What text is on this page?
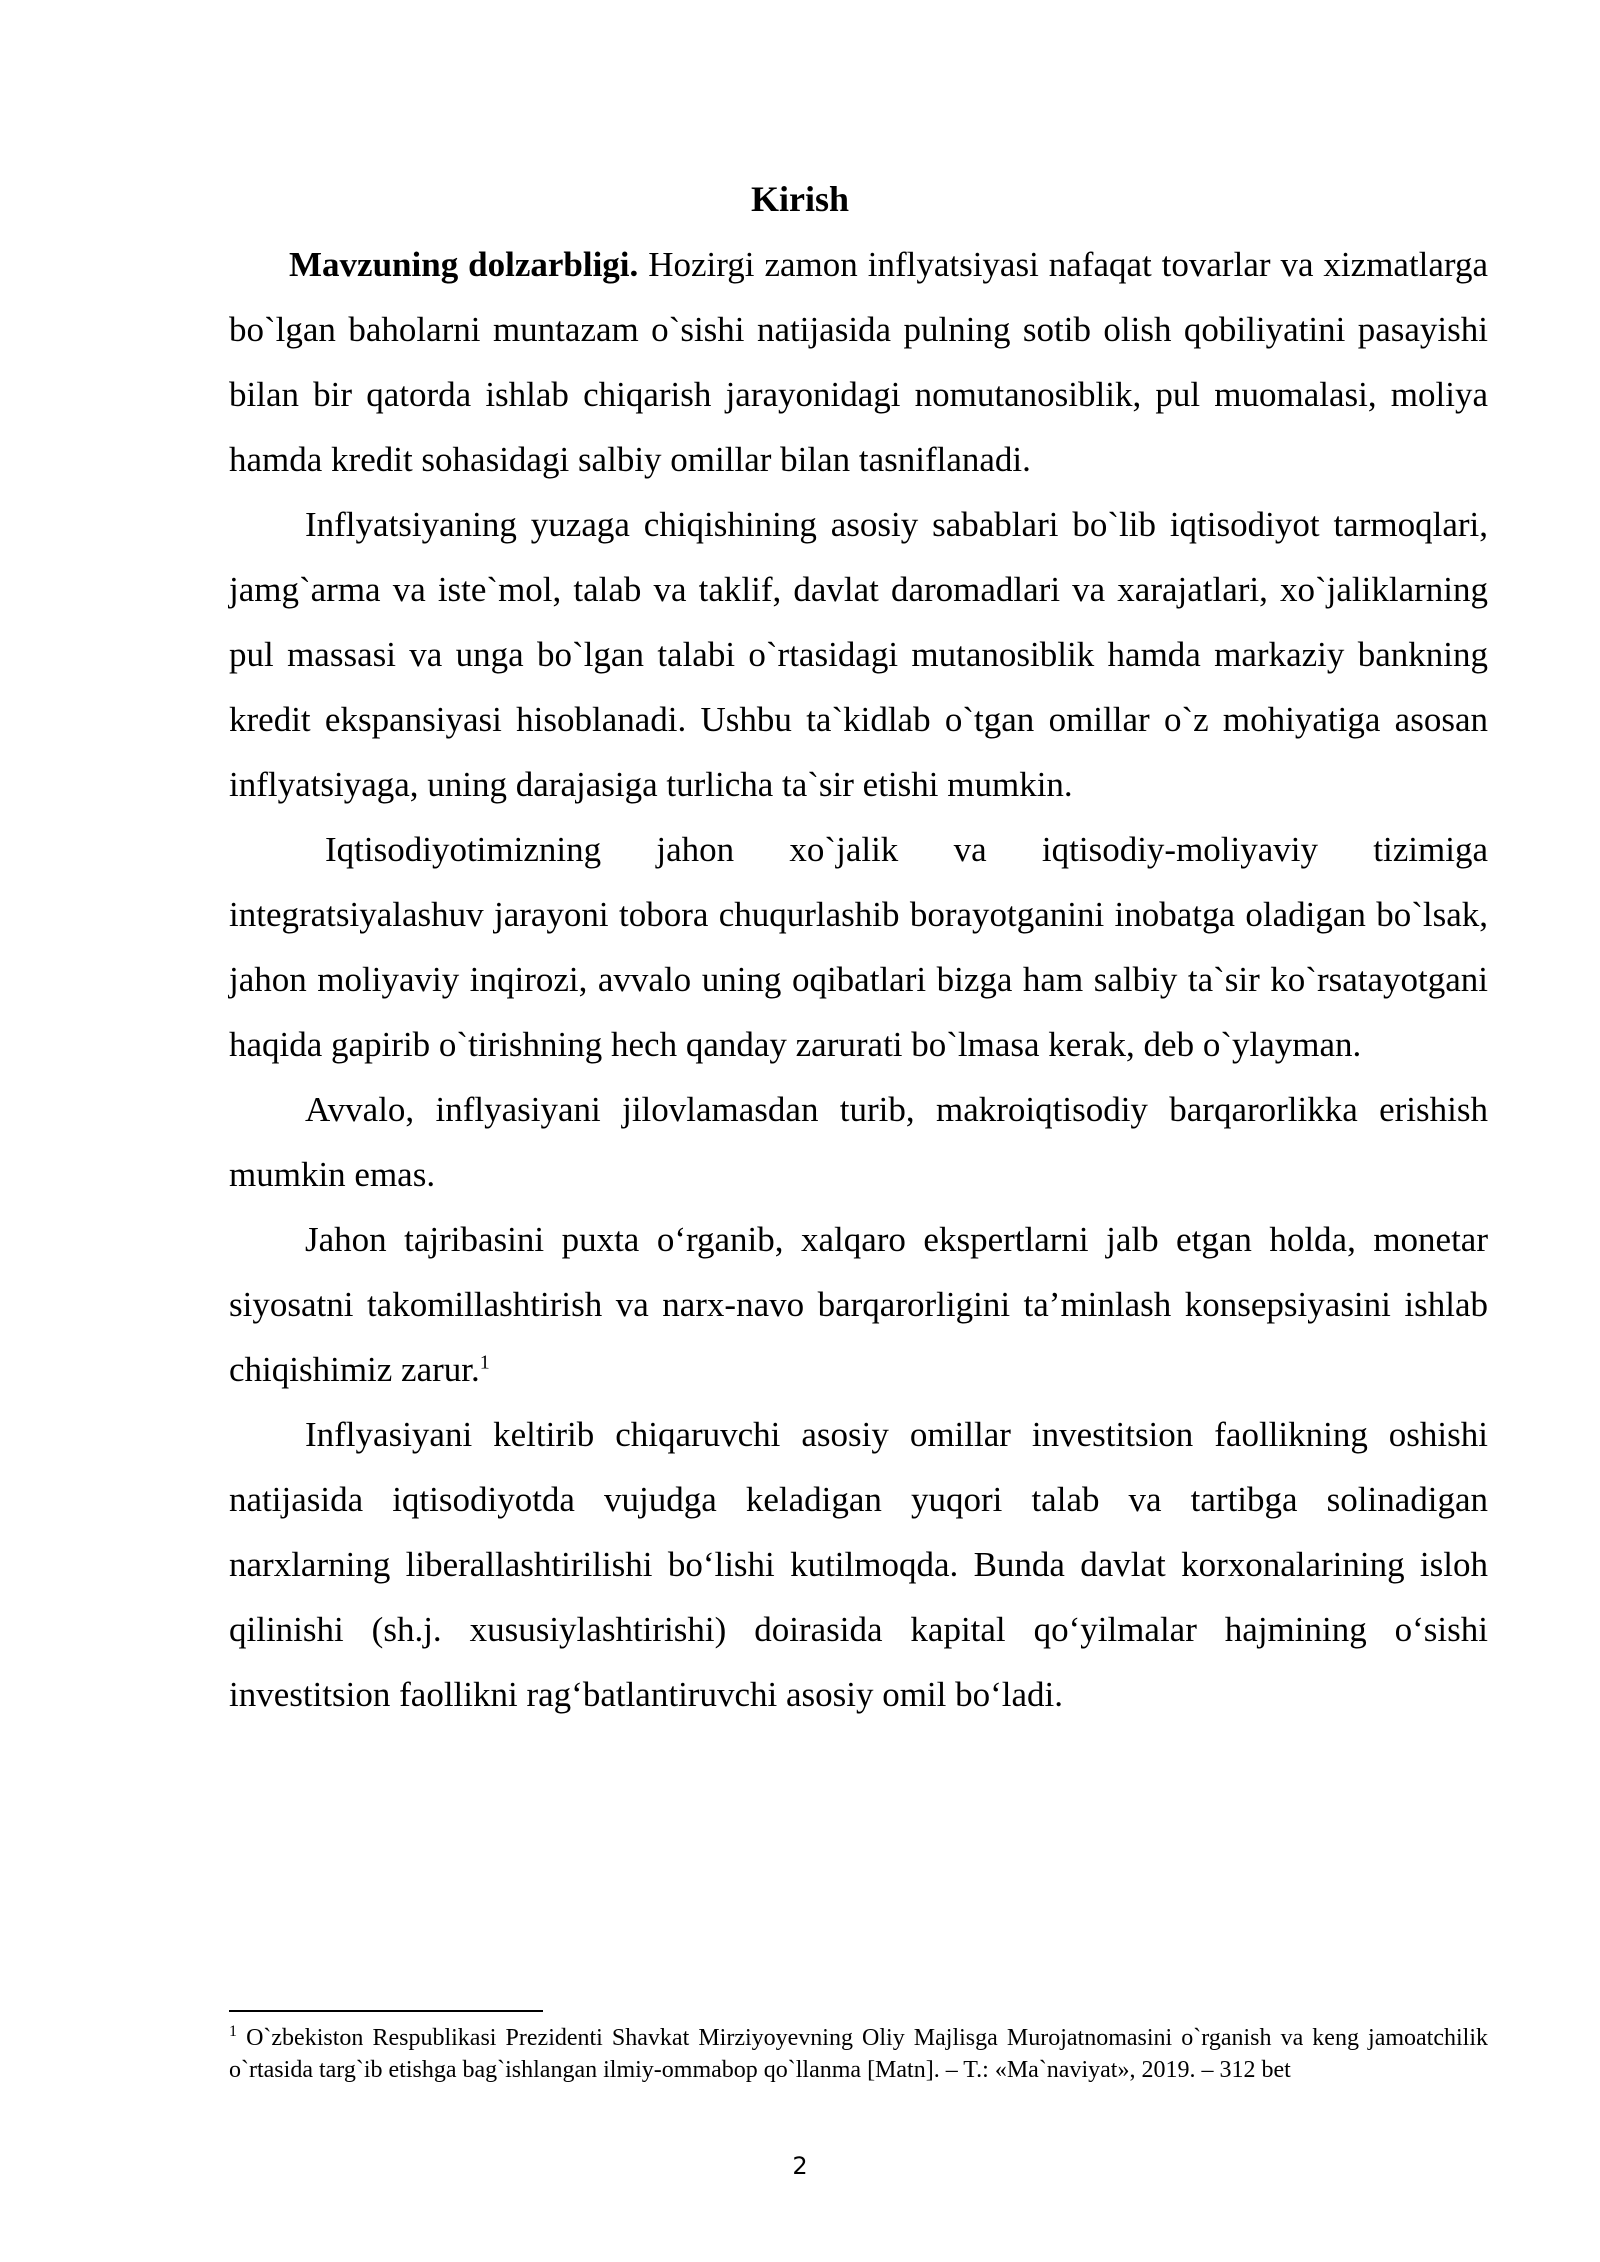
Kirish

Mavzuning dolzarbligi. Hozirgi zamon inflyatsiyasi nafaqat tovarlar va xizmatlarga bo`lgan baholarni muntazam o`sishi natijasida pulning sotib olish qobiliyatini pasayishi bilan bir qatorda ishlab chiqarish jarayonidagi nomutanosiblik, pul muomalasi, moliya hamda kredit sohasidagi salbiy omillar bilan tasniflanadi.

Inflyatsiyaning yuzaga chiqishining asosiy sabablari bo`lib iqtisodiyot tarmoqlari, jamg`arma va iste`mol, talab va taklif, davlat daromadlari va xarajatlari, xo`jaliklarning pul massasi va unga bo`lgan talabi o`rtasidagi mutanosiblik hamda markaziy bankning kredit ekspansiyasi hisoblanadi. Ushbu ta`kidlab o`tgan omillar o`z mohiyatiga asosan inflyatsiyaga, uning darajasiga turlicha ta`sir etishi mumkin.

Iqtisodiyotimizning jahon xo`jalik va iqtisodiy-moliyaviy tizimiga integratsiyalashuv jarayoni tobora chuqurlashib borayotganini inobatga oladigan bo`lsak, jahon moliyaviy inqirozi, avvalo uning oqibatlari bizga ham salbiy ta`sir ko`rsatayotgani haqida gapirib o`tirishning hech qanday zarurati bo`lmasa kerak, deb o`ylayman.

Avvalo, inflyasiyani jilovlamasdan turib, makroiqtisodiy barqarorlikka erishish mumkin emas.

Jahon tajribasini puxta o‘rganib, xalqaro ekspertlarni jalb etgan holda, monetar siyosatni takomillashtirish va narx-navo barqarorligini ta’minlash konsepsiyasini ishlab chiqishimiz zarur.$^1$

Inflyasiyani keltirib chiqaruvchi asosiy omillar investitsion faollikning oshishi natijasida iqtisodiyotda vujudga keladigan yuqori talab va tartibga solinadigan narxlarning liberallashtirilishi bo‘lishi kutilmoqda. Bunda davlat korxonalarining isloh qilinishi (sh.j. xususiylashtirishi) doirasida kapital qo‘yilmalar hajmining o‘sishi investitsion faollikni rag‘batlantiruvchi asosiy omil bo‘ladi.

$^1$ O`zbekiston Respublikasi Prezidenti Shavkat Mirziyoyevning Oliy Majlisga Murojatnomasini o`rganish va keng jamoatchilik o`rtasida targ`ib etishga bag`ishlangan ilmiy-ommabop qo`llanma [Matn]. – T.: «Ma`naviyat», 2019. – 312 bet
2
